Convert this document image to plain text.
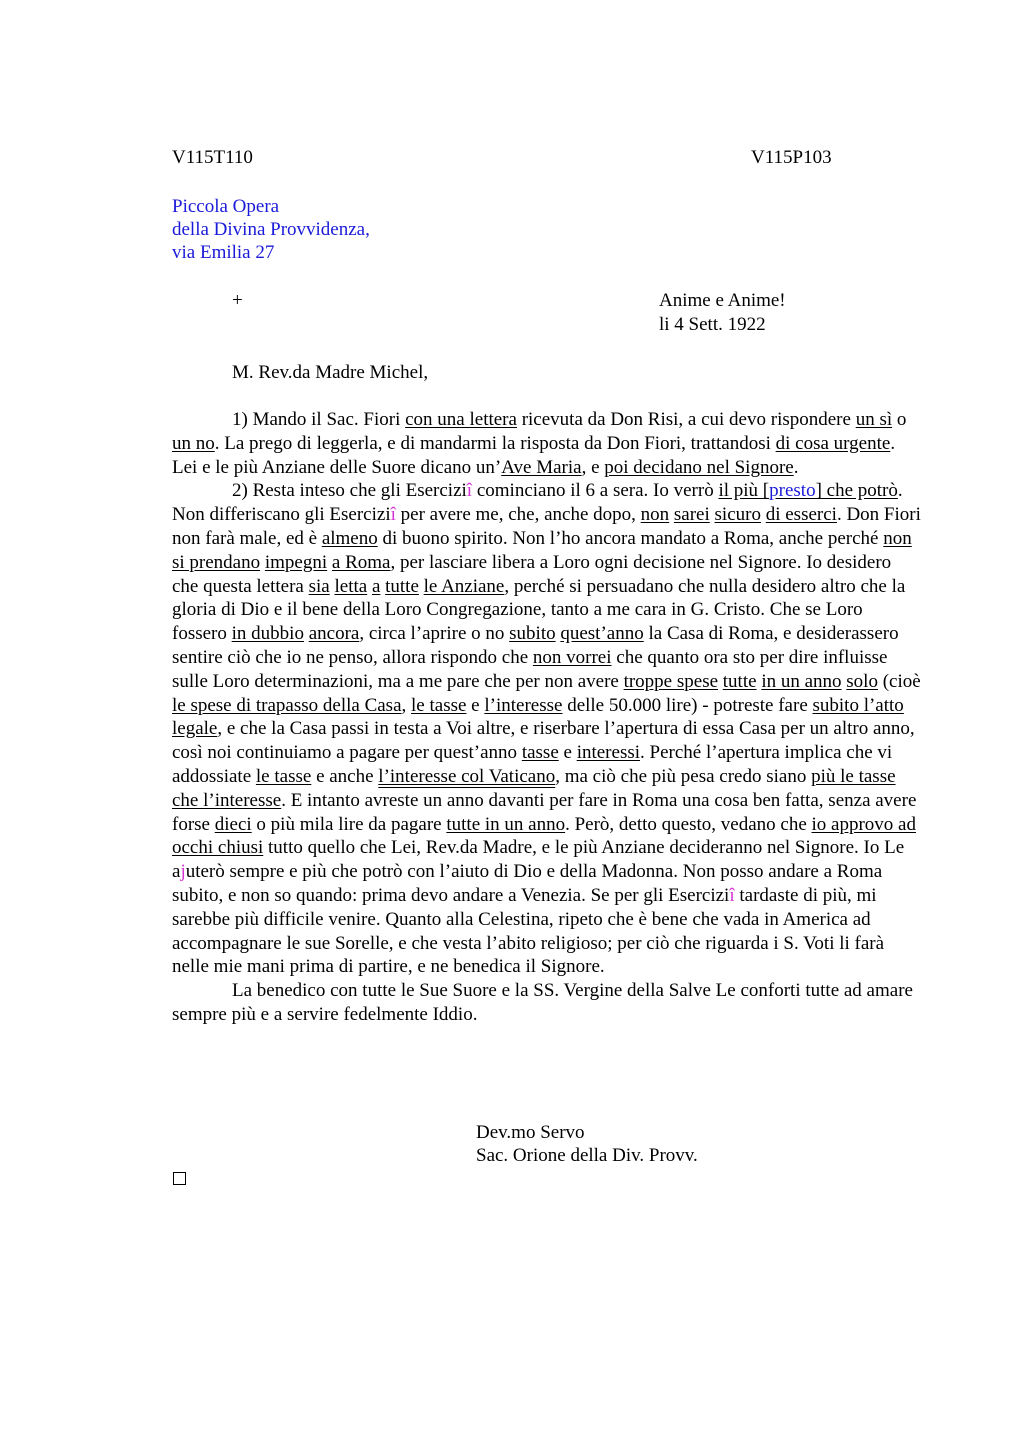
V115T110	V115P103
Piccola Opera
della Divina Provvidenza,
via Emilia 27
+	Anime e Anime!
li 4 Sett. 1922
M. Rev.da Madre Michel,

1) Mando il Sac. Fiori con una lettera ricevuta da Don Risi, a cui devo rispondere un sì o un no. La prego di leggerla, e di mandarmi la risposta da Don Fiori, trattandosi di cosa urgente. Lei e le più Anziane delle Suore dicano un’Ave Maria, e poi decidano nel Signore.

2) Resta inteso che gli Eserciziî cominciano il 6 a sera. Io verrò il più [presto] che potrò. Non differiscano gli Eserciziî per avere me, che, anche dopo, non sarei sicuro di esserci. Don Fiori non farà male, ed è almeno di buono spirito. Non l’ho ancora mandato a Roma, anche perché non si prendano impegni a Roma, per lasciare libera a Loro ogni decisione nel Signore. Io desidero che questa lettera sia letta a tutte le Anziane, perché si persuadano che nulla desidero altro che la gloria di Dio e il bene della Loro Congregazione, tanto a me cara in G. Cristo. Che se Loro fossero in dubbio ancora, circa l’aprire o no subito quest’anno la Casa di Roma, e desiderassero sentire ciò che io ne penso, allora rispondo che non vorrei che quanto ora sto per dire influisse sulle Loro determinazioni, ma a me pare che per non avere troppe spese tutte in un anno solo (cioè le spese di trapasso della Casa, le tasse e l’interesse delle 50.000 lire) - potreste fare subito l’atto legale, e che la Casa passi in testa a Voi altre, e riserbare l’apertura di essa Casa per un altro anno, così noi continuiamo a pagare per quest’anno tasse e interessi. Perché l’apertura implica che vi addossiate le tasse e anche l’interesse col Vaticano, ma ciò che più pesa credo siano più le tasse che l’interesse. E intanto avreste un anno davanti per fare in Roma una cosa ben fatta, senza avere forse dieci o più mila lire da pagare tutte in un anno. Però, detto questo, vedano che io approvo ad occhi chiusi tutto quello che Lei, Rev.da Madre, e le più Anziane decideranno nel Signore. Io Le ajuterò sempre e più che potrò con l’aiuto di Dio e della Madonna. Non posso andare a Roma subito, e non so quando: prima devo andare a Venezia. Se per gli Eserciziî tardaste di più, mi sarebbe più difficile venire. Quanto alla Celestina, ripeto che è bene che vada in America ad accompagnare le sue Sorelle, e che vesta l’abito religioso; per ciò che riguarda i S. Voti li farà nelle mie mani prima di partire, e ne benedica il Signore.

La benedico con tutte le Sue Suore e la SS. Vergine della Salve Le conforti tutte ad amare sempre più e a servire fedelmente Iddio.

Dev.mo Servo
Sac. Orione della Div. Provv.
